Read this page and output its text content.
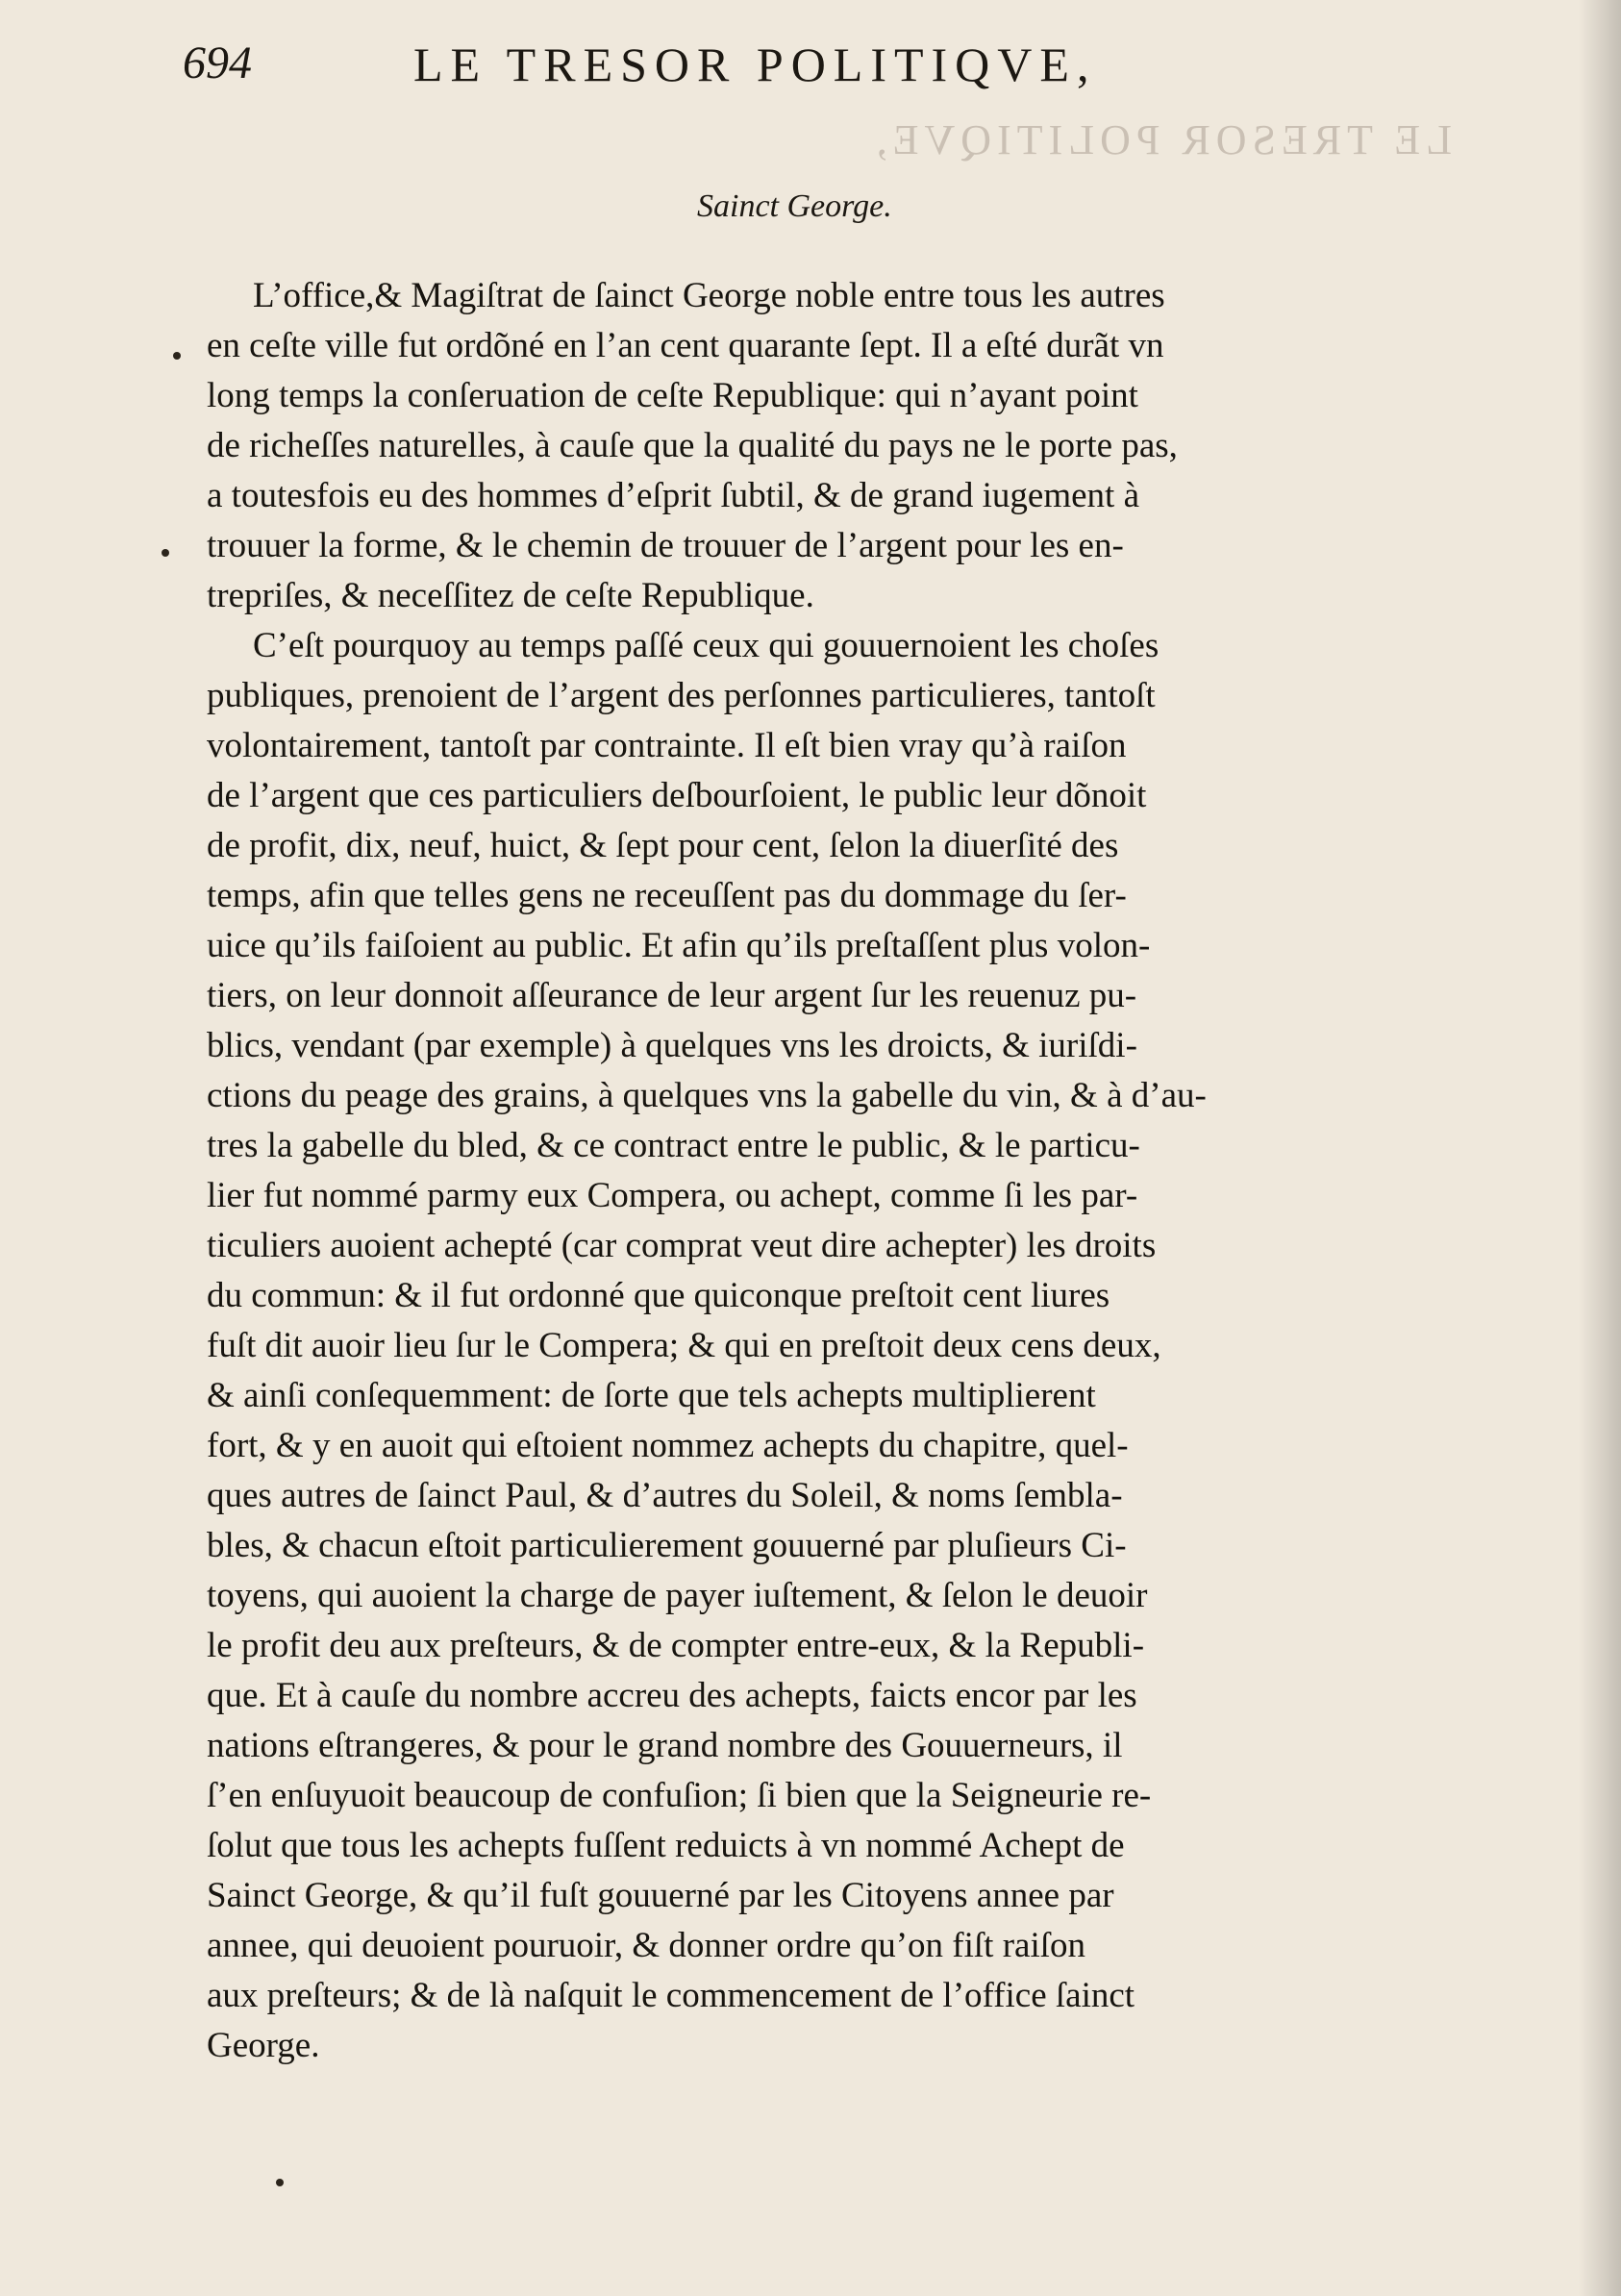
694	LE TRESOR POLITIQVE,
LE TRESOR POLITIQVE,
Sainct George.
L’office,& Magiſtrat de ſainct George noble entre tous les autres
en ceſte ville fut ordõné en l’an cent quarante ſept. Il a eſté durãt vn
long temps la conſeruation de ceſte Republique: qui n’ayant point
de richeſſes naturelles, à cauſe que la qualité du pays ne le porte pas,
a toutesfois eu des hommes d’eſprit ſubtil, & de grand iugement à
trouuer la forme, & le chemin de trouuer de l’argent pour les en-
trepriſes, & neceſſitez de ceſte Republique.
C’eſt pourquoy au temps paſſé ceux qui gouuernoient les choſes
publiques, prenoient de l’argent des perſonnes particulieres, tantoſt
volontairement, tantoſt par contrainte. Il eſt bien vray qu’à raiſon
de l’argent que ces particuliers deſbourſoient, le public leur dõnoit
de profit, dix, neuf, huict, & ſept pour cent, ſelon la diuerſité des
temps, afin que telles gens ne receuſſent pas du dommage du ſer-
uice qu’ils faiſoient au public. Et afin qu’ils preſtaſſent plus volon-
tiers, on leur donnoit aſſeurance de leur argent ſur les reuenuz pu-
blics, vendant (par exemple) à quelques vns les droicts, & iuriſdi-
ctions du peage des grains, à quelques vns la gabelle du vin, & à d’au-
tres la gabelle du bled, & ce contract entre le public, & le particu-
lier fut nommé parmy eux Compera, ou achept, comme ſi les par-
ticuliers auoient achepté (car comprat veut dire achepter) les droits
du commun: & il fut ordonné que quiconque preſtoit cent liures
fuſt dit auoir lieu ſur le Compera; & qui en preſtoit deux cens deux,
& ainſi conſequemment: de ſorte que tels achepts multiplierent
fort, & y en auoit qui eſtoient nommez achepts du chapitre, quel-
ques autres de ſainct Paul, & d’autres du Soleil, & noms ſembla-
bles, & chacun eſtoit particulierement gouuerné par pluſieurs Ci-
toyens, qui auoient la charge de payer iuſtement, & ſelon le deuoir
le profit deu aux preſteurs, & de compter entre-eux, & la Republi-
que. Et à cauſe du nombre accreu des achepts, faicts encor par les
nations eſtrangeres, & pour le grand nombre des Gouuerneurs, il
ſ’en enſuyuoit beaucoup de confuſion; ſi bien que la Seigneurie re-
ſolut que tous les achepts fuſſent reduicts à vn nommé Achept de
Sainct George, & qu’il fuſt gouuerné par les Citoyens annee par
annee, qui deuoient pouruoir, & donner ordre qu’on fiſt raiſon
aux preſteurs; & de là naſquit le commencement de l’office ſainct
George.
